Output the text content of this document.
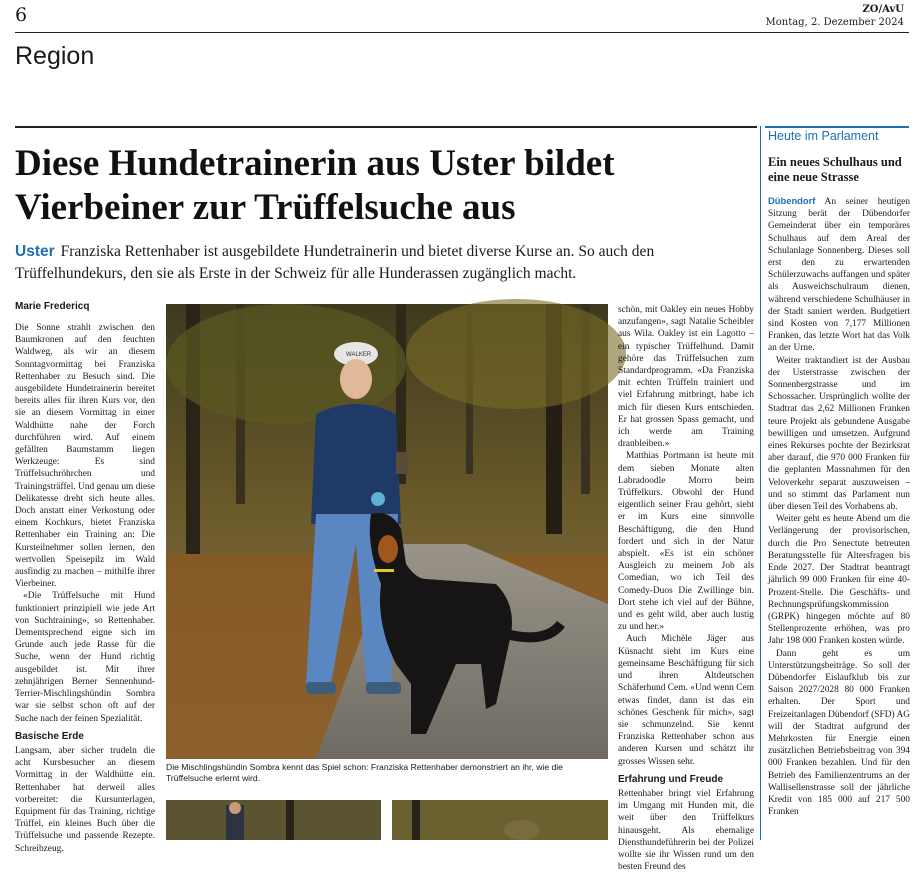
6	ZO/AvU
Montag, 2. Dezember 2024
Region
Diese Hundetrainerin aus Uster bildet
Vierbeiner zur Trüffelsuche aus
Uster Franziska Rettenhaber ist ausgebildete Hundetrainerin und bietet diverse Kurse an. So auch den Trüffelhundekurs, den sie als Erste in der Schweiz für alle Hunderassen zugänglich macht.
Marie Fredericq

Die Sonne strahlt zwischen den Baumkronen auf den feuchten Waldweg, als wir an diesem Sonntagvormittag bei Franziska Rettenhaber zu Besuch sind. Die ausgebildete Hundetrainerin bereitet bereits alles für ihren Kurs vor, den sie an diesem Vormittag in einer Waldhütte nahe der Forch durchführen wird. Auf einem gefällten Baumstamm liegen Werkzeuge: Es sind Trüffelsuchröhrchen und Trainingsträffel. Und genau um diese Delikatesse dreht sich heute alles. Doch anstatt einer Verkostung oder einem Kochkurs, bietet Franziska Rettenhaber ein Training an: Die Kursteilnehmer sollen lernen, den wertvollen Speisepilz im Wald ausfindig zu machen – mithilfe ihrer Vierbeiner.

«Die Trüffelsuche mit Hund funktioniert prinzipiell wie jede Art von Suchtraining», so Rettenhaber. Dementsprechend eigne sich im Grunde auch jede Rasse für die Suche, wenn der Hund richtig ausgebildet ist. Mit ihrer zehnjährigen Berner Sennenhund-Terrier-Mischlingshündin Sombra war sie selbst schon oft auf der Suche nach der feinen Spezialität.

Basische Erde

Langsam, aber sicher trudeln die acht Kursbesucher an diesem Vormittag in der Waldhütte ein. Rettenhaber hat derweil alles vorbereitet: die Kursunterlagen, Equipment für das Training, richtige Trüffel, ein kleines Buch über die Trüffelsuche und passende Rezepte. Schreibzeug.

WALKER
Die Mischlingshündin Sombra kennt das Spiel schon: Franziska Rettenhaber demonstriert an ihr, wie die Trüffelsuche erlernt wird.

schön, mit Oakley ein neues Hobby anzufangen», sagt Natalie Scheibler aus Wila. Oakley ist ein Lagotto – ein typischer Trüffelhund. Damit gehöre das Trüffelsuchen zum Standardprogramm. «Da Franziska mit echten Trüffeln trainiert und viel Erfahrung mitbringt, habe ich mich für diesen Kurs entschieden. Er hat grossen Spass gemacht, und ich werde am Training dranbleiben.»

Matthias Portmann ist heute mit dem sieben Monate alten Labradoodle Morro beim Trüffelkurs. Obwohl der Hund eigentlich seiner Frau gehört, sieht er im Kurs eine sinnvolle Beschäftigung, die den Hund fordert und sich in der Natur abspielt. «Es ist ein schöner Ausgleich zu meinem Job als Comedian, wo ich Teil des Comedy-Duos Die Zwillinge bin. Dort stehe ich viel auf der Bühne, und es geht wild, aber auch lustig zu und her.»

Auch Michèle Jäger aus Küsnacht sieht im Kurs eine gemeinsame Beschäftigung für sich und ihren Altdeutschen Schäferhund Cem. «Und wenn Cem etwas findet, dann ist das ein schönes Geschenk für mich», sagt sie schmunzelnd. Sie kennt Franziska Rettenhaber schon aus anderen Kursen und schätzt ihr grosses Wissen sehr.

Erfahrung und Freude

Rettenhaber bringt viel Erfahrung im Umgang mit Hunden mit, die weit über den Trüffelkurs hinausgeht. Als ehemalige Diensthundeführerin bei der Polizei wollte sie ihr Wissen rund um den besten Freund des

Heute im Parlament
Ein neues Schulhaus und eine neue Strasse

Dübendorf An seiner heutigen Sitzung berät der Dübendorfer Gemeinderat über ein temporäres Schulhaus auf dem Areal der Schulanlage Sonnenberg. Dieses soll erst den zu erwartenden Schülerzuwachs auffangen und später als Ausweichschulraum dienen, während verschiedene Schulhäuser in der Stadt saniert werden. Budgetiert sind Kosten von 7,177 Millionen Franken, das letzte Wort hat das Volk an der Urne.

Weiter traktandiert ist der Ausbau der Usterstrasse zwischen der Sonnenbergstrasse und im Schossacher. Ursprünglich wollte der Stadtrat das 2,62 Millionen Franken teure Projekt als gebundene Ausgabe bewilligen und umsetzen. Aufgrund eines Rekurses pochte der Bezirksrat aber darauf, die 970 000 Franken für die geplanten Massnahmen für den Veloverkehr separat auszuweisen – und so stimmt das Parlament nun über diesen Teil des Vorhabens ab.

Weiter geht es heute Abend um die Verlängerung der provisorischen, durch die Pro Senectute betreuten Beratungsstelle für Altersfragen bis Ende 2027. Der Stadtrat beantragt jährlich 99 000 Franken für eine 40-Prozent-Stelle. Die Geschäfts- und Rechnungsprüfungskommission (GRPK) hingegen möchte auf 80 Stellenprozente erhöhen, was pro Jahr 198 000 Franken kosten würde.

Dann geht es um Unterstützungsbeiträge. So soll der Dübendorfer Eislaufklub bis zur Saison 2027/2028 80 000 Franken erhalten. Der Sport und Freizeitanlagen Dübendorf (SFD) AG will der Stadtrat aufgrund der Mehrkosten für Energie einen zusätzlichen Betriebsbeitrag von 394 000 Franken bezahlen. Und für den Betrieb des Familienzentrums an der Wallisellenstrasse soll der jährliche Kredit von 185 000 auf 217 500 Franken
